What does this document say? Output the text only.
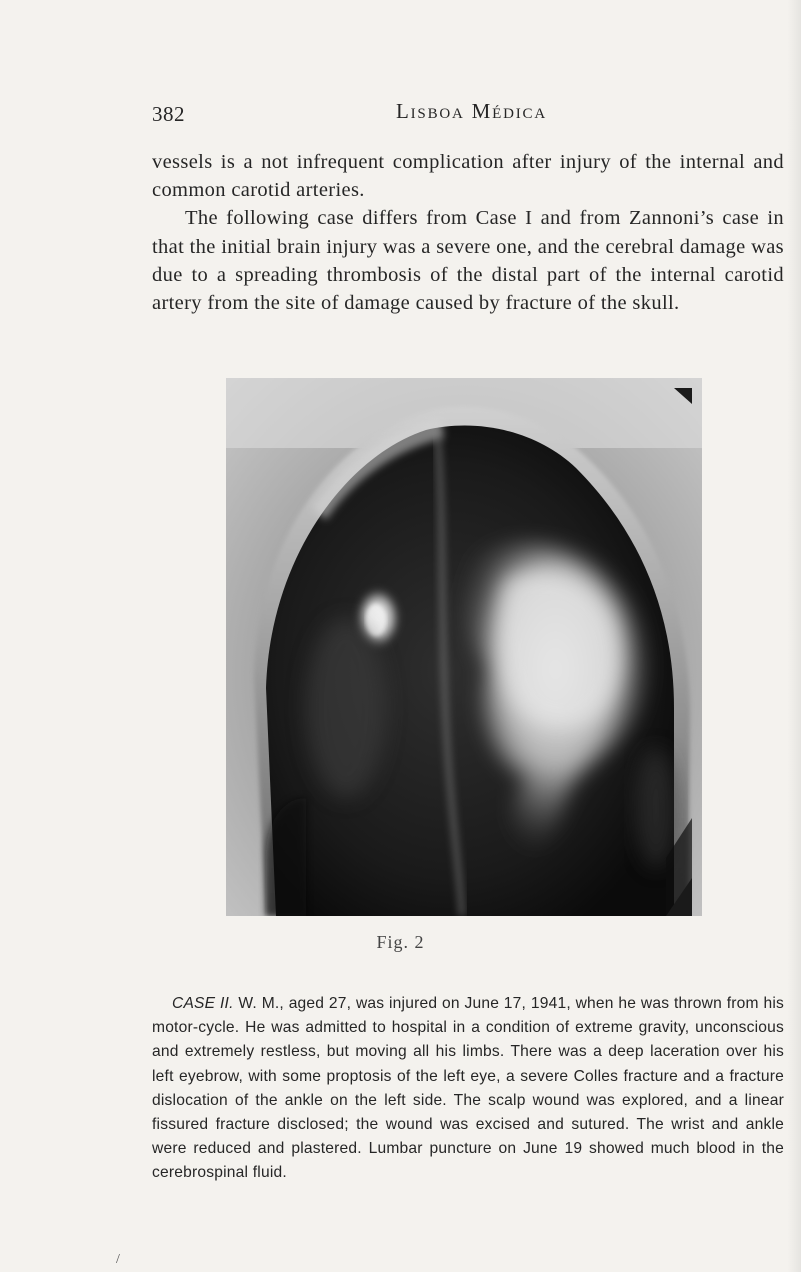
382	Lisboa Médica

vessels is a not infrequent complication after injury of the internal and common carotid arteries.

The following case differs from Case I and from Zannoni’s case in that the initial brain injury was a severe one, and the cerebral damage was due to a spreading thrombosis of the distal part of the internal carotid artery from the site of damage caused by fracture of the skull.

Fig. 2

CASE II. W. M., aged 27, was injured on June 17, 1941, when he was thrown from his motor-cycle. He was admitted to hospital in a condition of extreme gravity, unconscious and extremely restless, but moving all his limbs. There was a deep laceration over his left eyebrow, with some proptosis of the left eye, a severe Colles fracture and a fracture dislocation of the ankle on the left side. The scalp wound was explored, and a linear fissured fracture disclosed; the wound was excised and sutured. The wrist and ankle were reduced and plastered. Lumbar puncture on June 19 showed much blood in the cerebrospinal fluid.

/
